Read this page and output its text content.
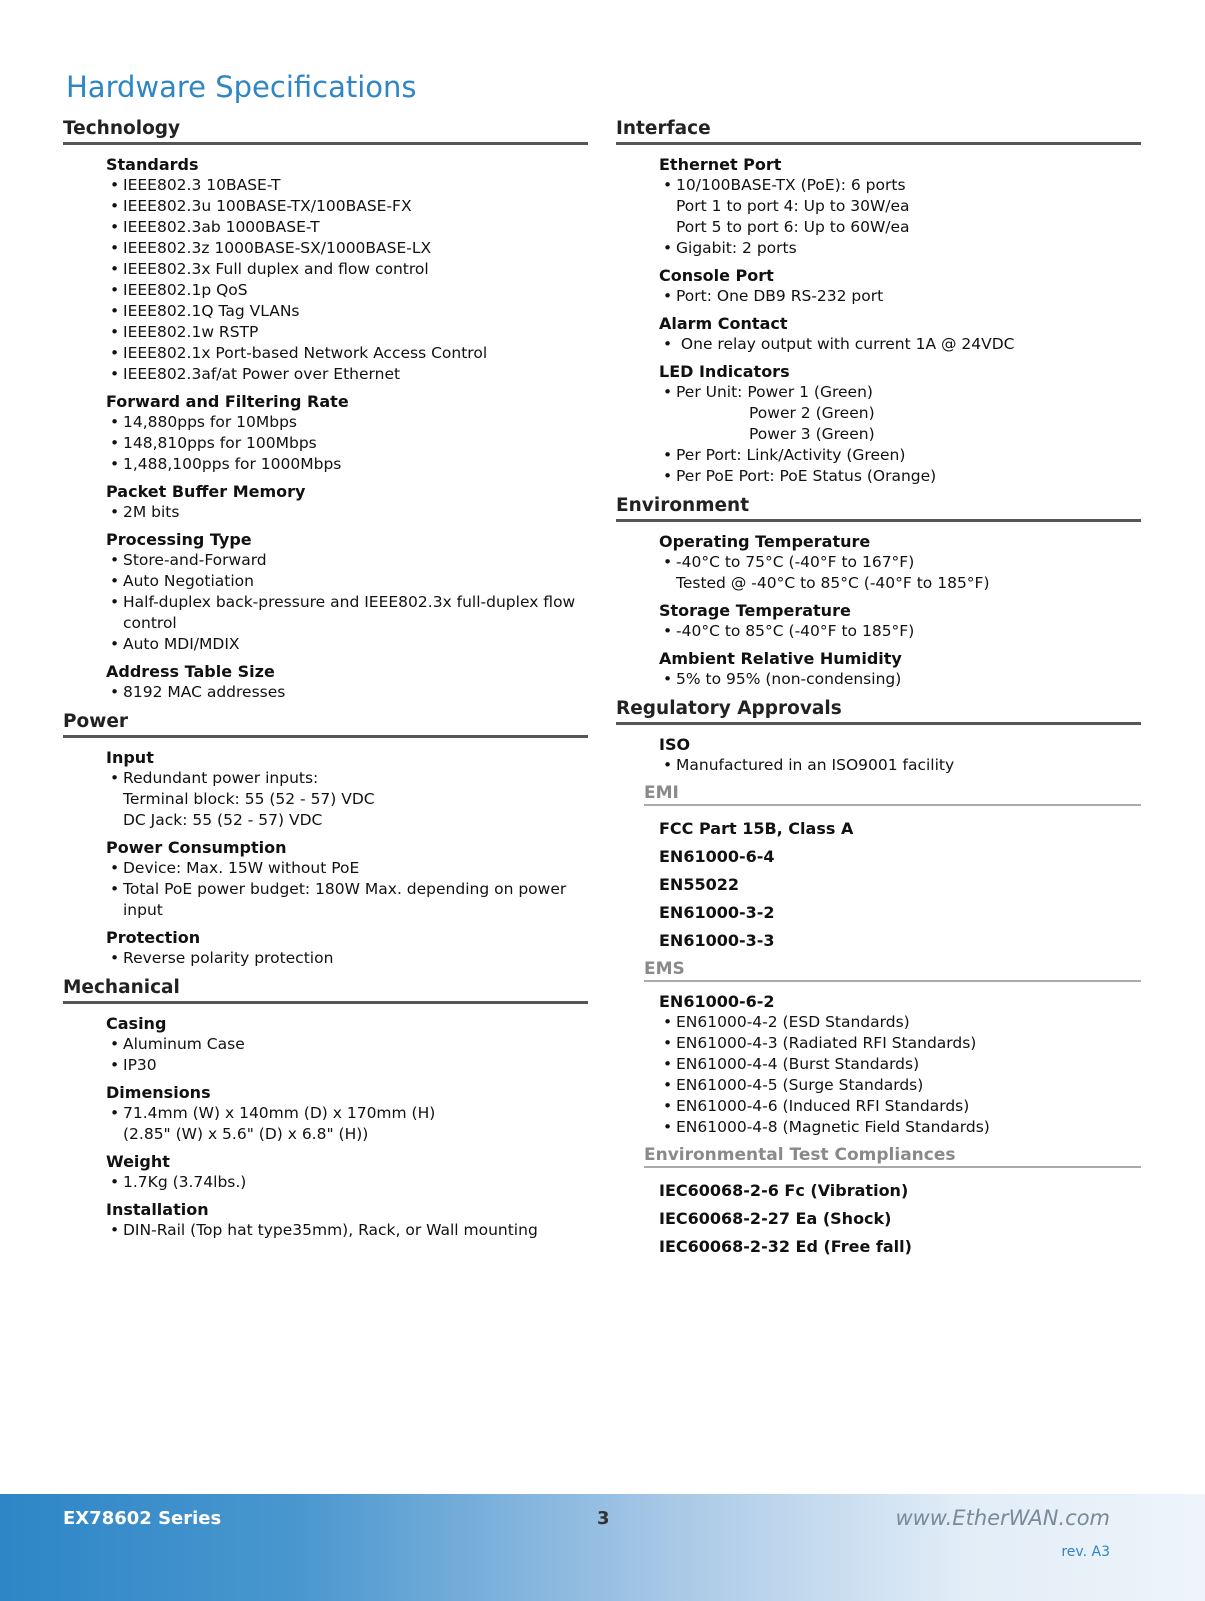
Hardware Specifications
Technology
Standards
• IEEE802.3 10BASE-T
• IEEE802.3u 100BASE-TX/100BASE-FX
• IEEE802.3ab 1000BASE-T
• IEEE802.3z 1000BASE-SX/1000BASE-LX
• IEEE802.3x Full duplex and flow control
• IEEE802.1p QoS
• IEEE802.1Q Tag VLANs
• IEEE802.1w RSTP
• IEEE802.1x Port-based Network Access Control
• IEEE802.3af/at Power over Ethernet
Forward and Filtering Rate
• 14,880pps for 10Mbps
• 148,810pps for 100Mbps
• 1,488,100pps for 1000Mbps
Packet Buffer Memory
• 2M bits
Processing Type
• Store-and-Forward
• Auto Negotiation
• Half-duplex back-pressure and IEEE802.3x full-duplex flow
control
• Auto MDI/MDIX
Address Table Size
• 8192 MAC addresses
Power
Input
• Redundant power inputs:
Terminal block: 55 (52 - 57) VDC
DC Jack: 55 (52 - 57) VDC
Power Consumption
• Device: Max. 15W without PoE
• Total PoE power budget: 180W Max. depending on power
input
Protection
• Reverse polarity protection
Mechanical
Casing
• Aluminum Case
• IP30
Dimensions
• 71.4mm (W) x 140mm (D) x 170mm (H)
(2.85" (W) x 5.6" (D) x 6.8" (H))
Weight
• 1.7Kg (3.74lbs.)
Installation
• DIN-Rail (Top hat type35mm), Rack, or Wall mounting
Interface
Ethernet Port
• 10/100BASE-TX (PoE): 6 ports
Port 1 to port 4: Up to 30W/ea
Port 5 to port 6: Up to 60W/ea
• Gigabit: 2 ports
Console Port
• Port: One DB9 RS-232 port
Alarm Contact
•  One relay output with current 1A @ 24VDC
LED Indicators
• Per Unit: Power 1 (Green)
Power 2 (Green)
Power 3 (Green)
• Per Port: Link/Activity (Green)
• Per PoE Port: PoE Status (Orange)
Environment
Operating Temperature
• -40°C to 75°C (-40°F to 167°F)
Tested @ -40°C to 85°C (-40°F to 185°F)
Storage Temperature
• -40°C to 85°C (-40°F to 185°F)
Ambient Relative Humidity
• 5% to 95% (non-condensing)
Regulatory Approvals
ISO
• Manufactured in an ISO9001 facility
EMI
FCC Part 15B, Class A
EN61000-6-4
EN55022
EN61000-3-2
EN61000-3-3
EMS
EN61000-6-2
• EN61000-4-2 (ESD Standards)
• EN61000-4-3 (Radiated RFI Standards)
• EN61000-4-4 (Burst Standards)
• EN61000-4-5 (Surge Standards)
• EN61000-4-6 (Induced RFI Standards)
• EN61000-4-8 (Magnetic Field Standards)
Environmental Test Compliances
IEC60068-2-6 Fc (Vibration)
IEC60068-2-27 Ea (Shock)
IEC60068-2-32 Ed (Free fall)
EX78602 Series	3	www.EtherWAN.com
rev. A3
